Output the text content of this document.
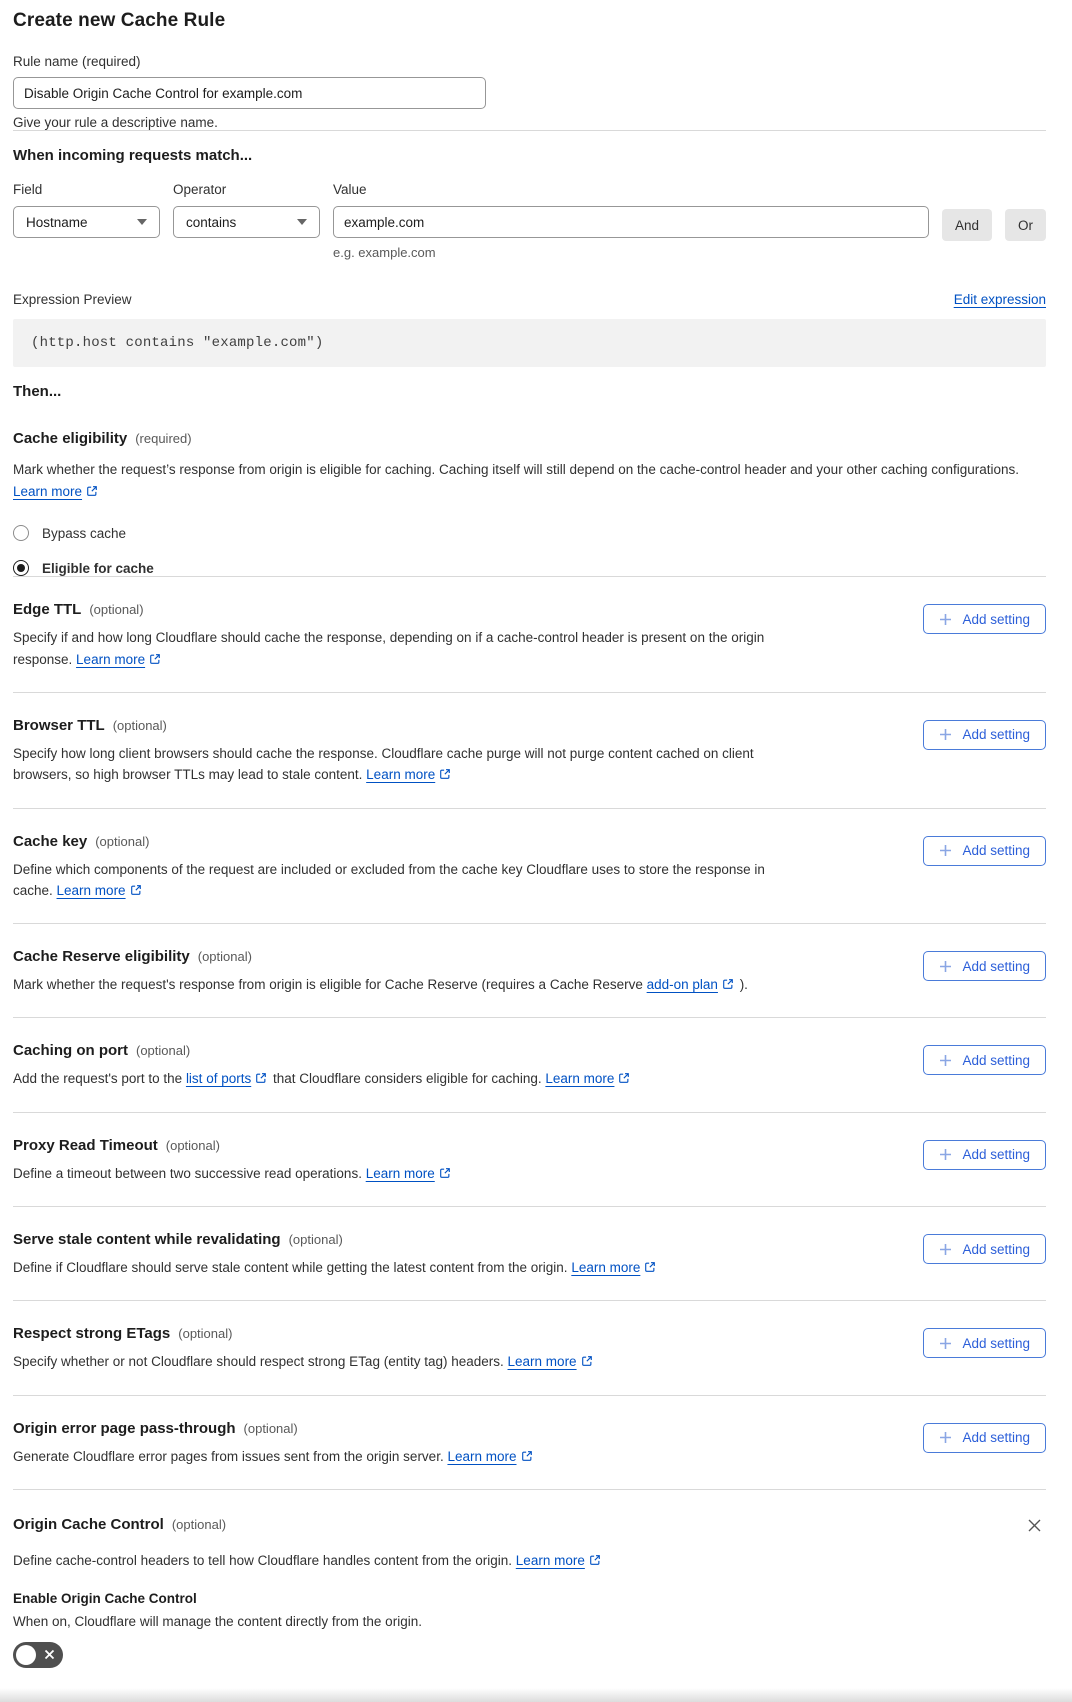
Create new Cache Rule
Rule name (required)
Disable Origin Cache Control for example.com
Give your rule a descriptive name.
When incoming requests match...
Field
Hostname
Operator
contains
Value
example.com
e.g. example.com
And	Or
Expression Preview	Edit expression
(http.host contains "example.com")
Then...
Cache eligibility (required)

Mark whether the request’s response from origin is eligible for caching. Caching itself will still depend on the cache-control header and your other caching configurations. Learn more

Bypass cache
Eligible for cache
Edge TTL (optional)

Specify if and how long Cloudflare should cache the response, depending on if a cache-control header is present on the origin response. Learn more

Add setting
Browser TTL (optional)

Specify how long client browsers should cache the response. Cloudflare cache purge will not purge content cached on client browsers, so high browser TTLs may lead to stale content. Learn more

Add setting
Cache key (optional)

Define which components of the request are included or excluded from the cache key Cloudflare uses to store the response in cache. Learn more

Add setting
Cache Reserve eligibility (optional)

Mark whether the request's response from origin is eligible for Cache Reserve (requires a Cache Reserve add-on plan ).

Add setting
Caching on port (optional)

Add the request's port to the list of ports that Cloudflare considers eligible for caching. Learn more

Add setting
Proxy Read Timeout (optional)

Define a timeout between two successive read operations. Learn more

Add setting
Serve stale content while revalidating (optional)

Define if Cloudflare should serve stale content while getting the latest content from the origin. Learn more

Add setting
Respect strong ETags (optional)

Specify whether or not Cloudflare should respect strong ETag (entity tag) headers. Learn more

Add setting
Origin error page pass-through (optional)

Generate Cloudflare error pages from issues sent from the origin server. Learn more

Add setting
Origin Cache Control (optional)

Define cache-control headers to tell how Cloudflare handles content from the origin. Learn more

Enable Origin Cache Control

When on, Cloudflare will manage the content directly from the origin.
